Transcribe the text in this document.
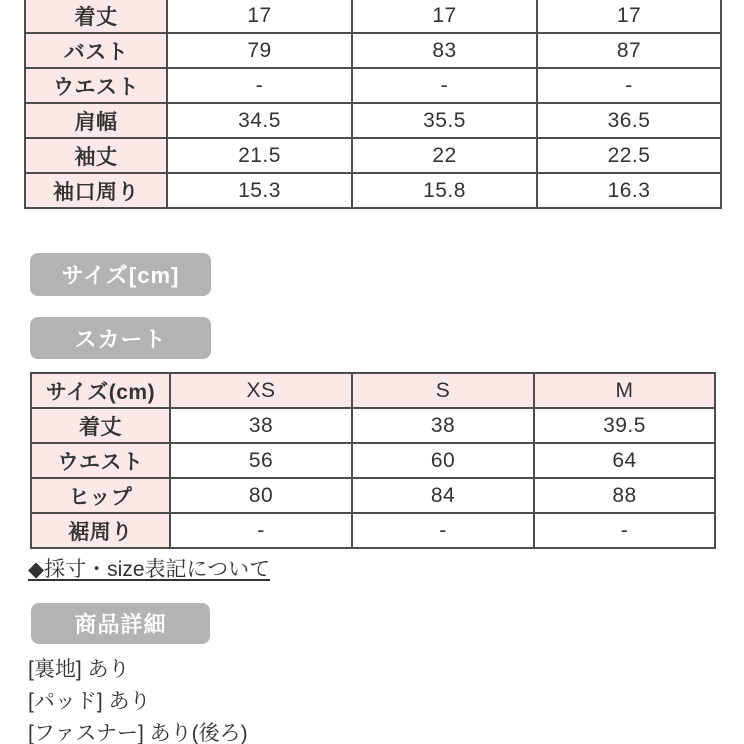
着丈	17	17	17
バスト	79	83	87
ウエスト	-	-	-
肩幅	34.5	35.5	36.5
袖丈	21.5	22	22.5
袖口周り	15.3	15.8	16.3
サイズ[cm]
スカート
サイズ(cm)	XS	S	M
着丈	38	38	39.5
ウエスト	56	60	64
ヒップ	80	84	88
裾周り	-	-	-
◆採寸・size表記について
商品詳細

[裏地] あり

[パッド] あり

[ファスナー] あり(後ろ)
